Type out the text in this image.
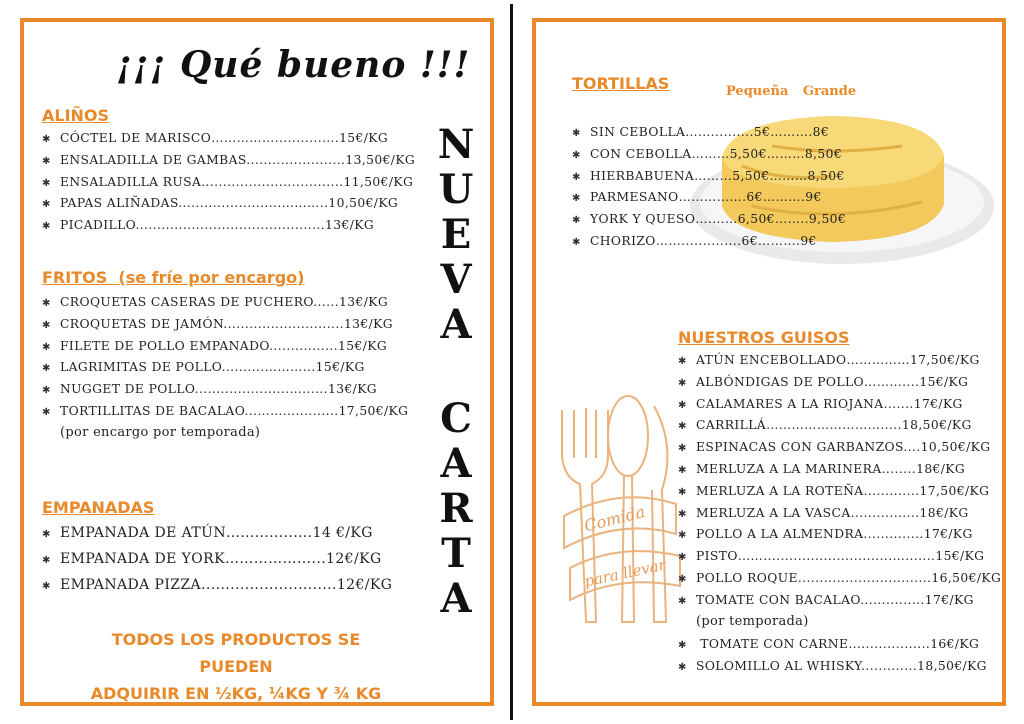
¡¡¡ Qué bueno !!!
ALIÑOS
✱ CÓCTEL DE MARISCO……………...........….15€/KG
✱ ENSALADILLA DE GAMBAS.......................13,50€/KG
✱ ENSALADILLA RUSA.................................11,50€/KG
✱ PAPAS ALIÑADAS........................………..10,50€/KG
✱ PICADILLO............................................13€/KG
FRITOS (se fríe por encargo)
✱ CROQUETAS CASERAS DE PUCHERO......13€/KG
✱ CROQUETAS DE JAMÓN............................13€/KG
✱ FILETE DE POLLO EMPANADO................15€/KG
✱ LAGRIMITAS DE POLLO..........………...15€/KG
✱ NUGGET DE POLLO......................…......13€/KG
✱ TORTILLITAS DE BACALAO...………..........17,50€/KG
(por encargo por temporada)
EMPANADAS
✱ EMPANADA DE ATÚN…………..….14 €/KG
✱ EMPANADA DE YORK……………......12€/KG
✱ EMPANADA PIZZA............................12€/KG
TODOS LOS PRODUCTOS SE PUEDEN
ADQUIRIR EN ½KG, ¼KG Y ¾ KG
N
U
E
V
A
C
A
R
T
A
TORTILLAS	Pequeña Grande
✱ SIN CEBOLLA……..........5€……….8€
✱ CON CEBOLLA………5,50€………8,50€
✱ HIERBABUENA………5,50€………8,50€
✱ PARMESANO…………….6€……….9€
✱ YORK Y QUESO….……6,50€……..9,50€
✱ CHORIZO……..............6€……….9€
Comida
para llevar
NUESTROS GUISOS
✱ ATÚN ENCEBOLLADO……………17,50€/KG
✱ ALBÓNDIGAS DE POLLO………....15€/KG
✱ CALAMARES A LA RIOJANA.......17€/KG
✱ CARRILLÁ……………………….....18,50€/KG
✱ ESPINACAS CON GARBANZOS....10,50€/KG
✱ MERLUZA A LA MARINERA........18€/KG
✱ MERLUZA A LA ROTEÑA.............17,50€/KG
✱ MERLUZA A LA VASCA................18€/KG
✱ POLLO A LA ALMENDRA..............17€/KG
✱ PISTO……..............................….......15€/KG
✱ POLLO ROQUE...............................16,50€/KG
✱ TOMATE CON BACALAO...............17€/KG
(por temporada)
✱ TOMATE CON CARNE...................16€/KG
✱ SOLOMILLO AL WHISKY.............18,50€/KG
